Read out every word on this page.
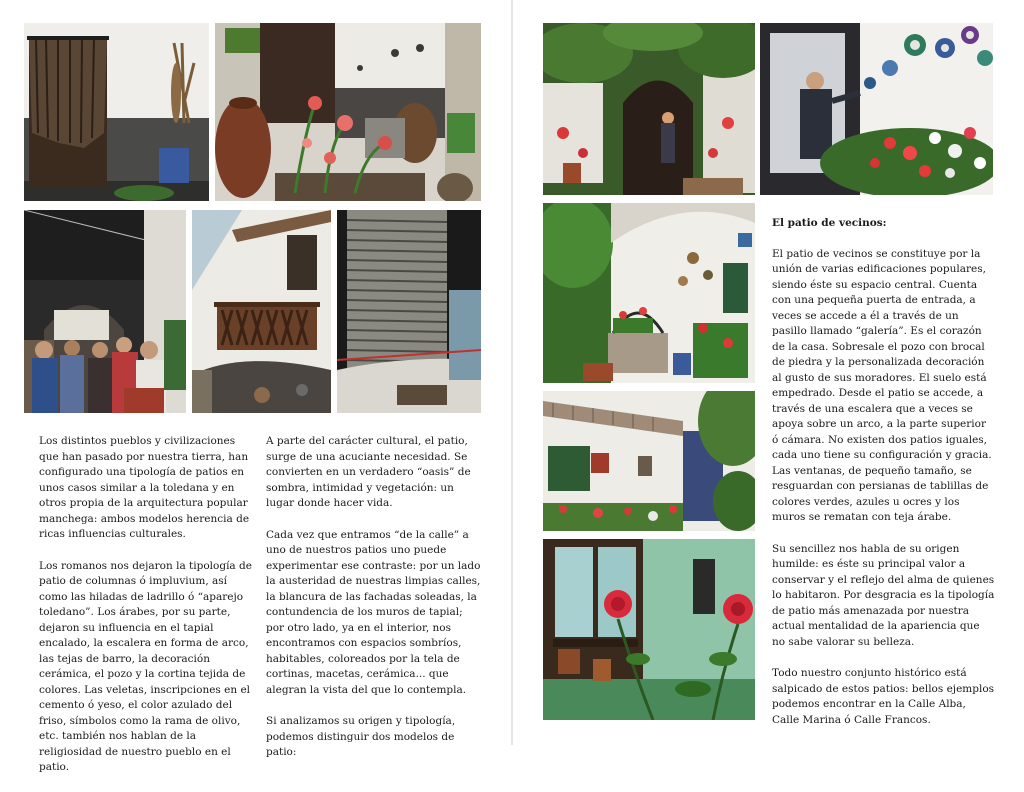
Los distintos pueblos y civilizaciones que han pasado por nuestra tierra, han configurado una tipología de patios en unos casos similar a la toledana y en otros propia de la arquitectura popular manchega: ambos modelos herencia de ricas influencias culturales.

Los romanos nos dejaron la tipología de patio de columnas ó impluvium, así como las hiladas de ladrillo ó “aparejo toledano”. Los árabes, por su parte, dejaron su influencia en el tapial encalado, la escalera en forma de arco, las tejas de barro, la decoración cerámica, el pozo y la cortina tejida de colores. Las veletas, inscripciones en el cemento ó yeso, el color azulado del friso, símbolos como la rama de olivo, etc. también nos hablan de la religiosidad de nuestro pueblo en el patio.

A parte del carácter cultural, el patio, surge de una acuciante necesidad. Se convierten en un verdadero “oasis” de sombra, intimidad y vegetación: un lugar donde hacer vida.

Cada vez que entramos “de la calle” a uno de nuestros patios uno puede experimentar ese contraste: por un lado la austeridad de nuestras limpias calles, la blancura de las fachadas soleadas, la contundencia de los muros de tapial; por otro lado, ya en el interior, nos encontramos con espacios sombríos, habitables, coloreados por la tela de cortinas, macetas, cerámica... que alegran la vista del que lo contempla.

Si analizamos su origen y tipología, podemos distinguir dos modelos de patio:

El patio de vecinos:

El patio de vecinos se constituye por la unión de varias edificaciones populares, siendo éste su espacio central. Cuenta con una pequeña puerta de entrada, a veces se accede a él a través de un pasillo llamado “galería”. Es el corazón de la casa. Sobresale el pozo con brocal de piedra y la personalizada decoración al gusto de sus moradores. El suelo está empedrado. Desde el patio se accede, a través de una escalera que a veces se apoya sobre un arco, a la parte superior ó cámara. No existen dos patios iguales, cada uno tiene su configuración y gracia. Las ventanas, de pequeño tamaño, se resguardan con persianas de tablillas de colores verdes, azules u ocres y los muros se rematan con teja árabe.

Su sencillez nos habla de su origen humilde: es éste su principal valor a conservar y el reflejo del alma de quienes lo habitaron. Por desgracia es la tipología de patio más amenazada por nuestra actual mentalidad de la apariencia que no sabe valorar su belleza.

Todo nuestro conjunto histórico está salpicado de estos patios: bellos ejemplos podemos encontrar en la Calle Alba, Calle Marina ó Calle Francos.
